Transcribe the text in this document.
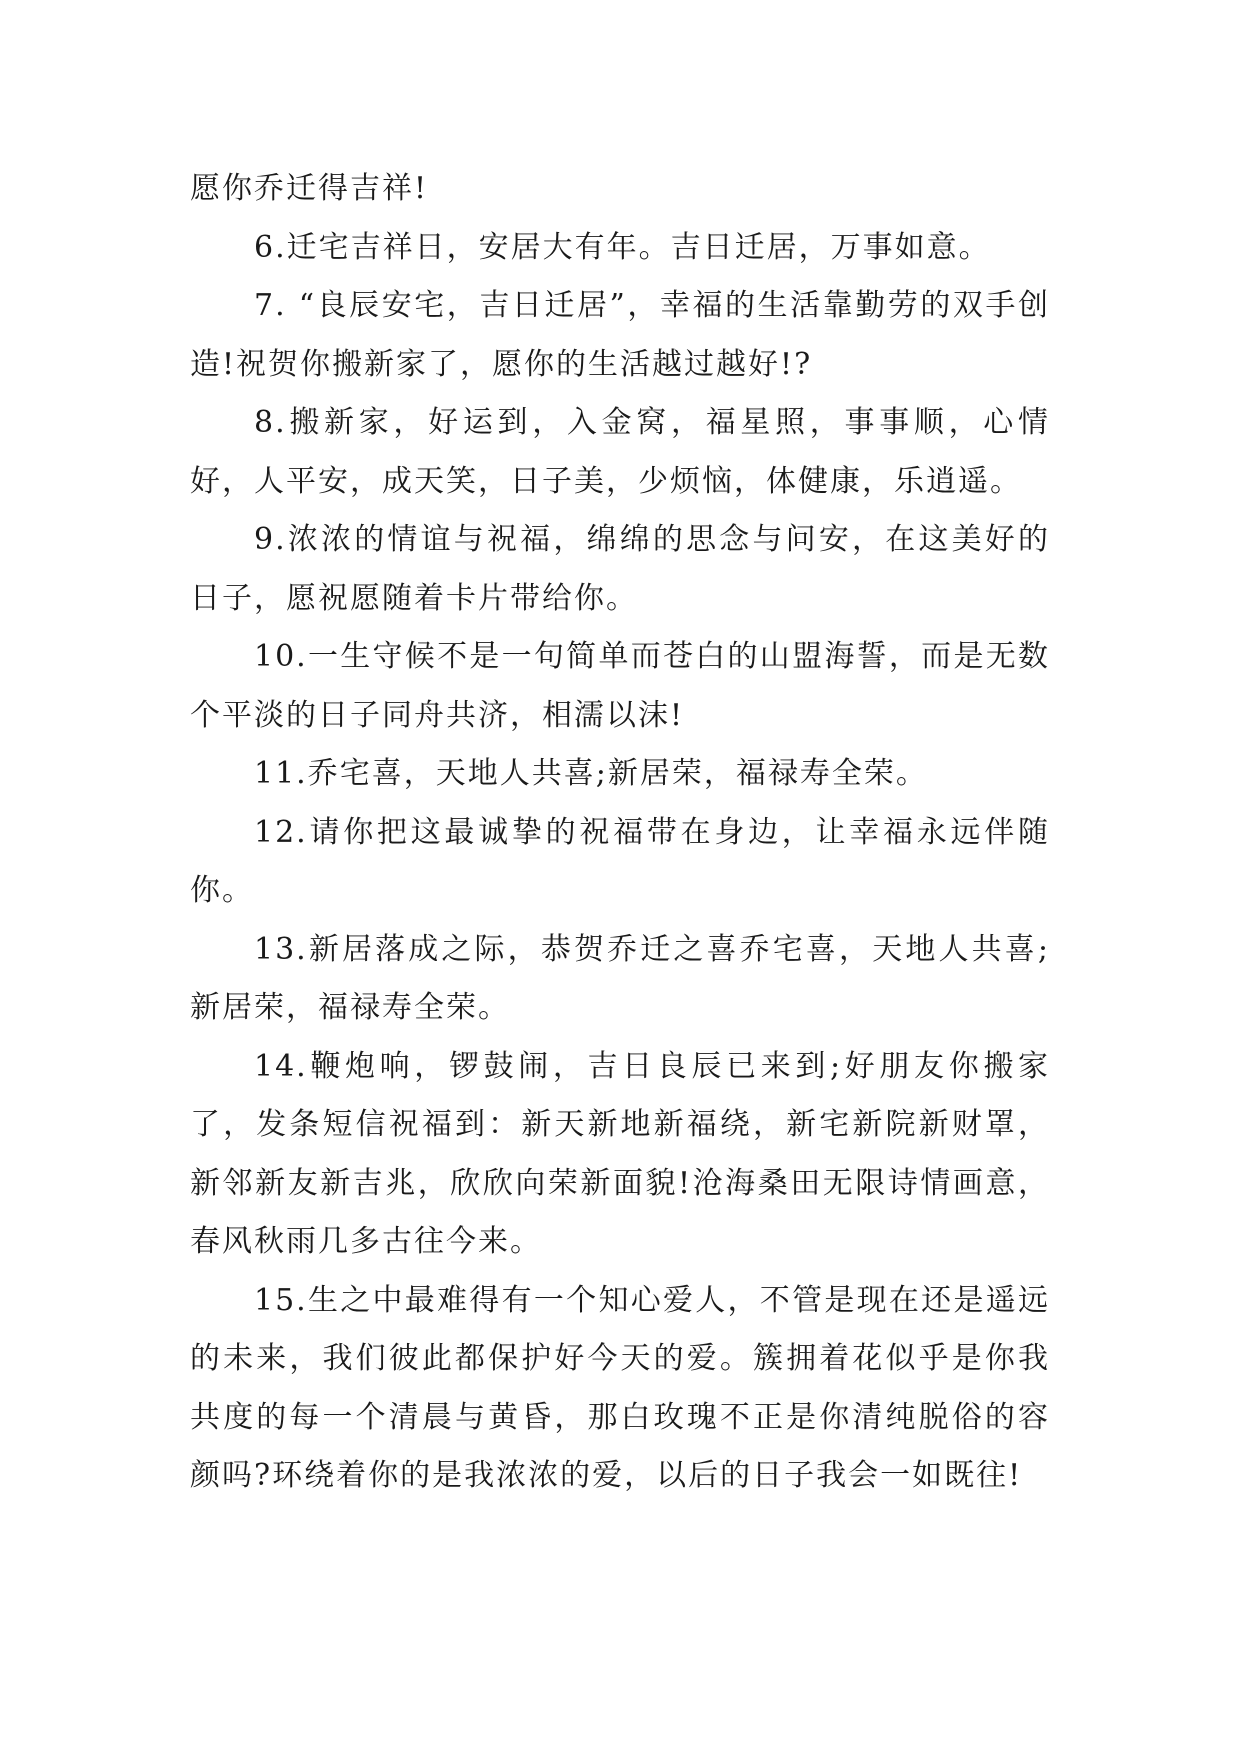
愿你乔迁得吉祥!

6.迁宅吉祥日，安居大有年。吉日迁居，万事如意。

7. “良辰安宅，吉日迁居”，幸福的生活靠勤劳的双手创造!祝贺你搬新家了，愿你的生活越过越好!?

8.搬新家，好运到，入金窝，福星照，事事顺，心情好，人平安，成天笑，日子美，少烦恼，体健康，乐逍遥。

9.浓浓的情谊与祝福，绵绵的思念与问安，在这美好的日子，愿祝愿随着卡片带给你。

10.一生守候不是一句简单而苍白的山盟海誓，而是无数个平淡的日子同舟共济，相濡以沫!

11.乔宅喜，天地人共喜;新居荣，福禄寿全荣。

12.请你把这最诚挚的祝福带在身边，让幸福永远伴随你。

13.新居落成之际，恭贺乔迁之喜乔宅喜，天地人共喜;新居荣，福禄寿全荣。

14.鞭炮响，锣鼓闹，吉日良辰已来到;好朋友你搬家了，发条短信祝福到：新天新地新福绕，新宅新院新财罩，新邻新友新吉兆，欣欣向荣新面貌!沧海桑田无限诗情画意，春风秋雨几多古往今来。

15.生之中最难得有一个知心爱人，不管是现在还是遥远的未来，我们彼此都保护好今天的爱。簇拥着花似乎是你我共度的每一个清晨与黄昏，那白玫瑰不正是你清纯脱俗的容颜吗?环绕着你的是我浓浓的爱，以后的日子我会一如既往!
